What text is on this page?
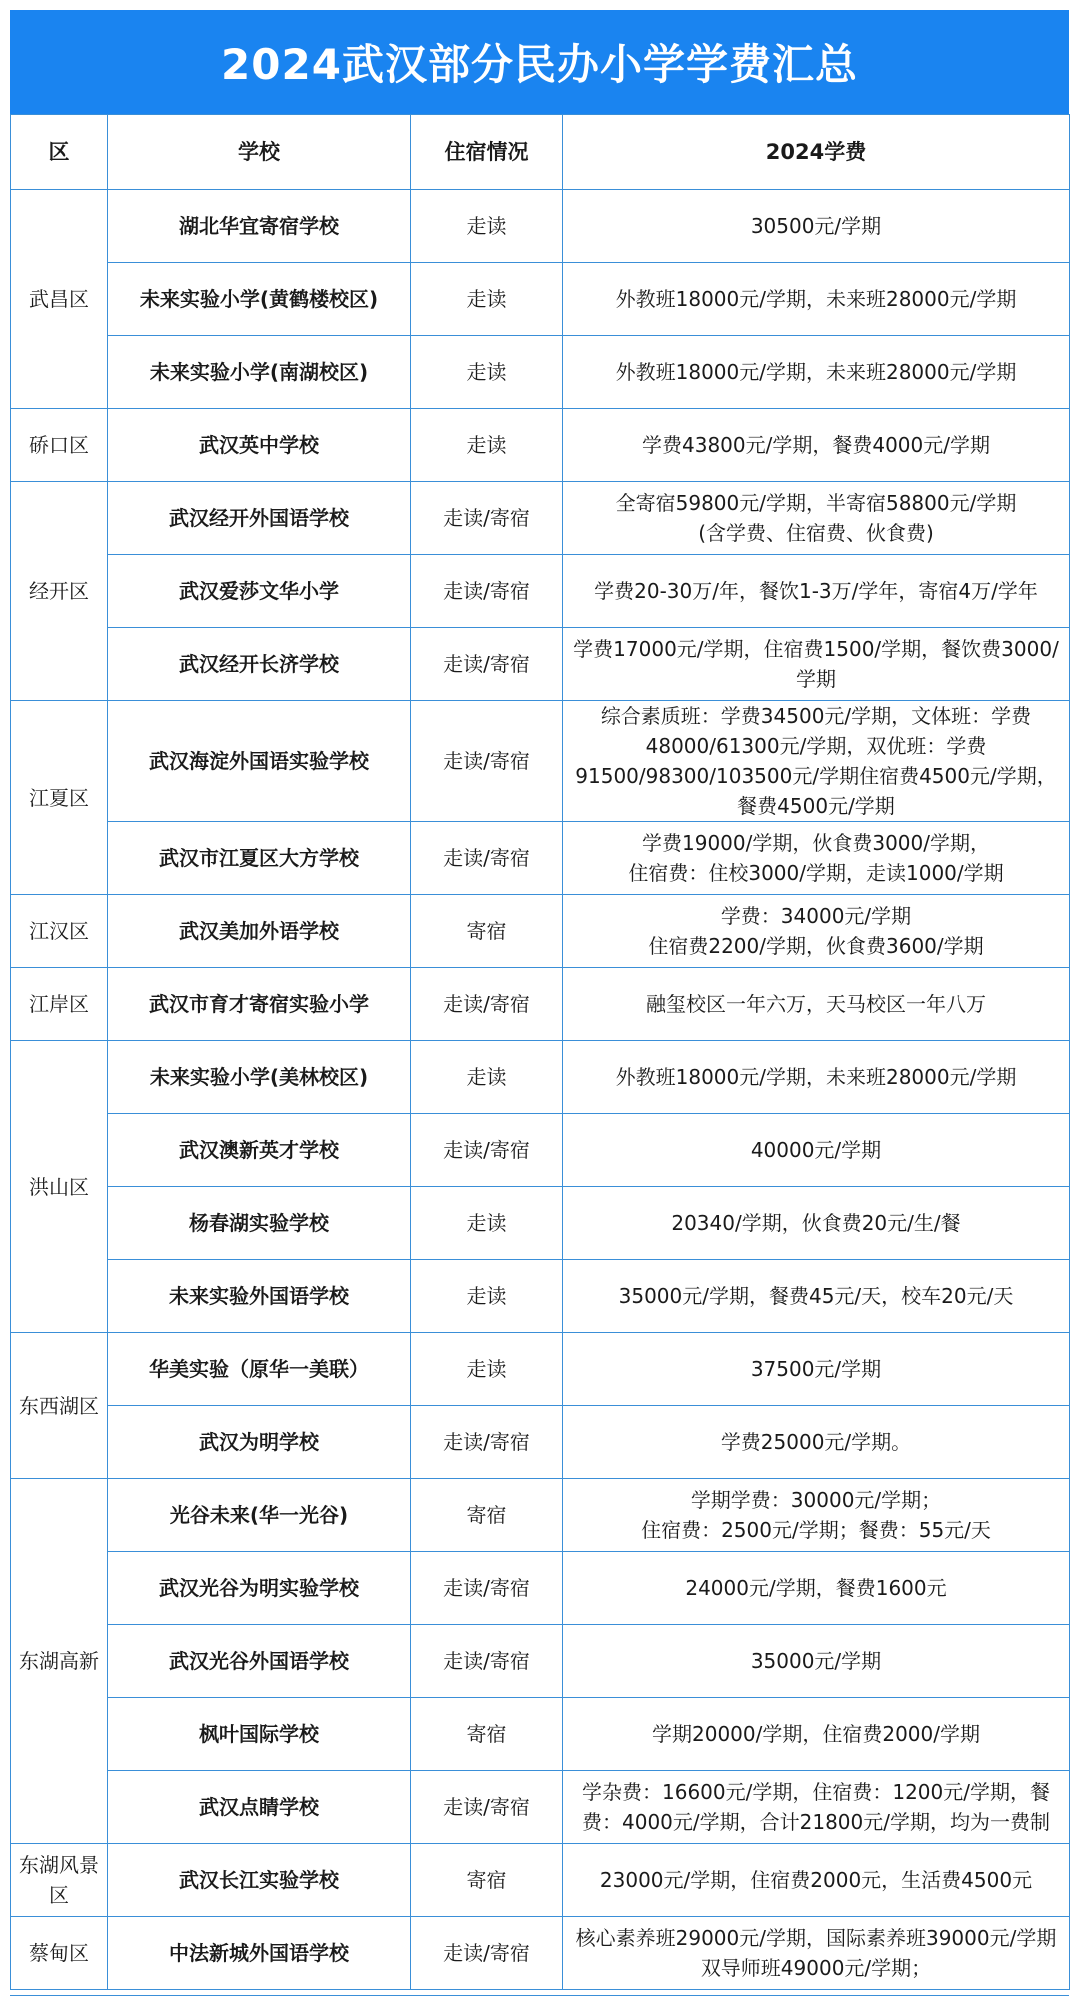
2024武汉部分民办小学学费汇总
区	学校	住宿情况	2024学费
武昌区	湖北华宜寄宿学校	走读	30500元/学期
	未来实验小学(黄鹤楼校区)	走读	外教班18000元/学期，未来班28000元/学期
	未来实验小学(南湖校区)	走读	外教班18000元/学期，未来班28000元/学期
硚口区	武汉英中学校	走读	学费43800元/学期，餐费4000元/学期
经开区	武汉经开外国语学校	走读/寄宿	全寄宿59800元/学期，半寄宿58800元/学期
(含学费、住宿费、伙食费)
	武汉爱莎文华小学	走读/寄宿	学费20-30万/年，餐饮1-3万/学年，寄宿4万/学年
	武汉经开长济学校	走读/寄宿	学费17000元/学期，住宿费1500/学期，餐饮费3000/学期
江夏区	武汉海淀外国语实验学校	走读/寄宿	综合素质班：学费34500元/学期，文体班：学费48000/61300元/学期，双优班：学费91500/98300/103500元/学期住宿费4500元/学期，餐费4500元/学期
	武汉市江夏区大方学校	走读/寄宿	学费19000/学期，伙食费3000/学期，
住宿费：住校3000/学期，走读1000/学期
江汉区	武汉美加外语学校	寄宿	学费：34000元/学期
住宿费2200/学期，伙食费3600/学期
江岸区	武汉市育才寄宿实验小学	走读/寄宿	融玺校区一年六万，天马校区一年八万
洪山区	未来实验小学(美林校区)	走读	外教班18000元/学期，未来班28000元/学期
	武汉澳新英才学校	走读/寄宿	40000元/学期
	杨春湖实验学校	走读	20340/学期，伙食费20元/生/餐
	未来实验外国语学校	走读	35000元/学期，餐费45元/天，校车20元/天
东西湖区	华美实验（原华一美联）	走读	37500元/学期
	武汉为明学校	走读/寄宿	学费25000元/学期。
东湖高新	光谷未来(华一光谷)	寄宿	学期学费：30000元/学期；
住宿费：2500元/学期；餐费：55元/天
	武汉光谷为明实验学校	走读/寄宿	24000元/学期，餐费1600元
	武汉光谷外国语学校	走读/寄宿	35000元/学期
	枫叶国际学校	寄宿	学期20000/学期，住宿费2000/学期
	武汉点睛学校	走读/寄宿	学杂费：16600元/学期，住宿费：1200元/学期，餐费：4000元/学期，合计21800元/学期，均为一费制
东湖风景区	武汉长江实验学校	寄宿	23000元/学期，住宿费2000元，生活费4500元
蔡甸区	中法新城外国语学校	走读/寄宿	核心素养班29000元/学期，国际素养班39000元/学期
双导师班49000元/学期；
